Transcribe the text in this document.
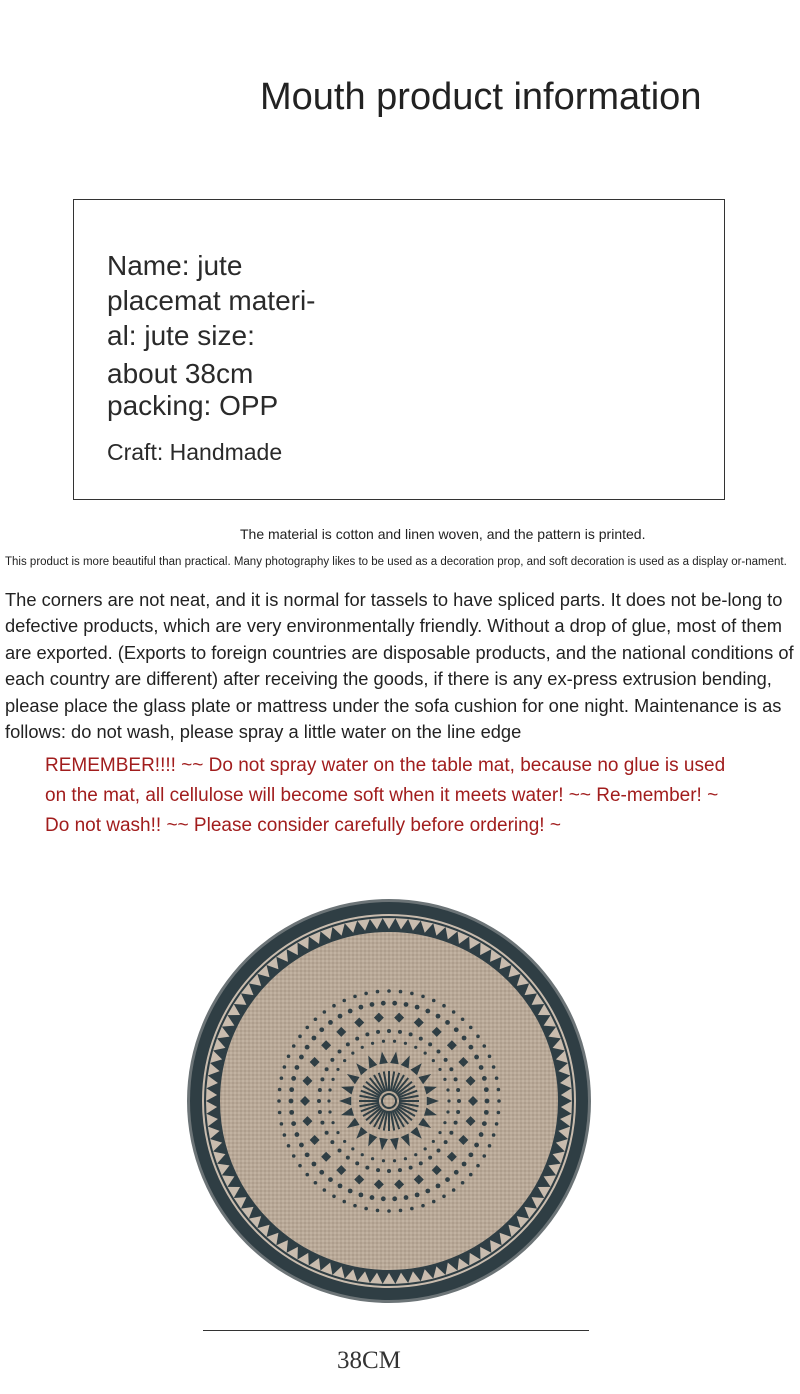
Mouth product information
Name: jute
placemat materi-
al: jute size:
about 38cm
packing: OPP
Craft: Handmade
The material is cotton and linen woven, and the pattern is printed.
This product is more beautiful than practical. Many photography likes to be used as a decoration prop, and soft decoration is used as a display or-nament.
The corners are not neat, and it is normal for tassels to have spliced parts. It does not be-long to defective products, which are very environmentally friendly. Without a drop of glue, most of them are exported. (Exports to foreign countries are disposable products, and the national conditions of each country are different) after receiving the goods, if there is any ex-press extrusion bending, please place the glass plate or mattress under the sofa cushion for one night. Maintenance is as follows: do not wash, please spray a little water on the line edge
REMEMBER!!!! ~~ Do not spray water on the table mat, because no glue is used on the mat, all cellulose will become soft when it meets water! ~~ Re-member! ~ Do not wash!! ~~ Please consider carefully before ordering! ~
38CM
